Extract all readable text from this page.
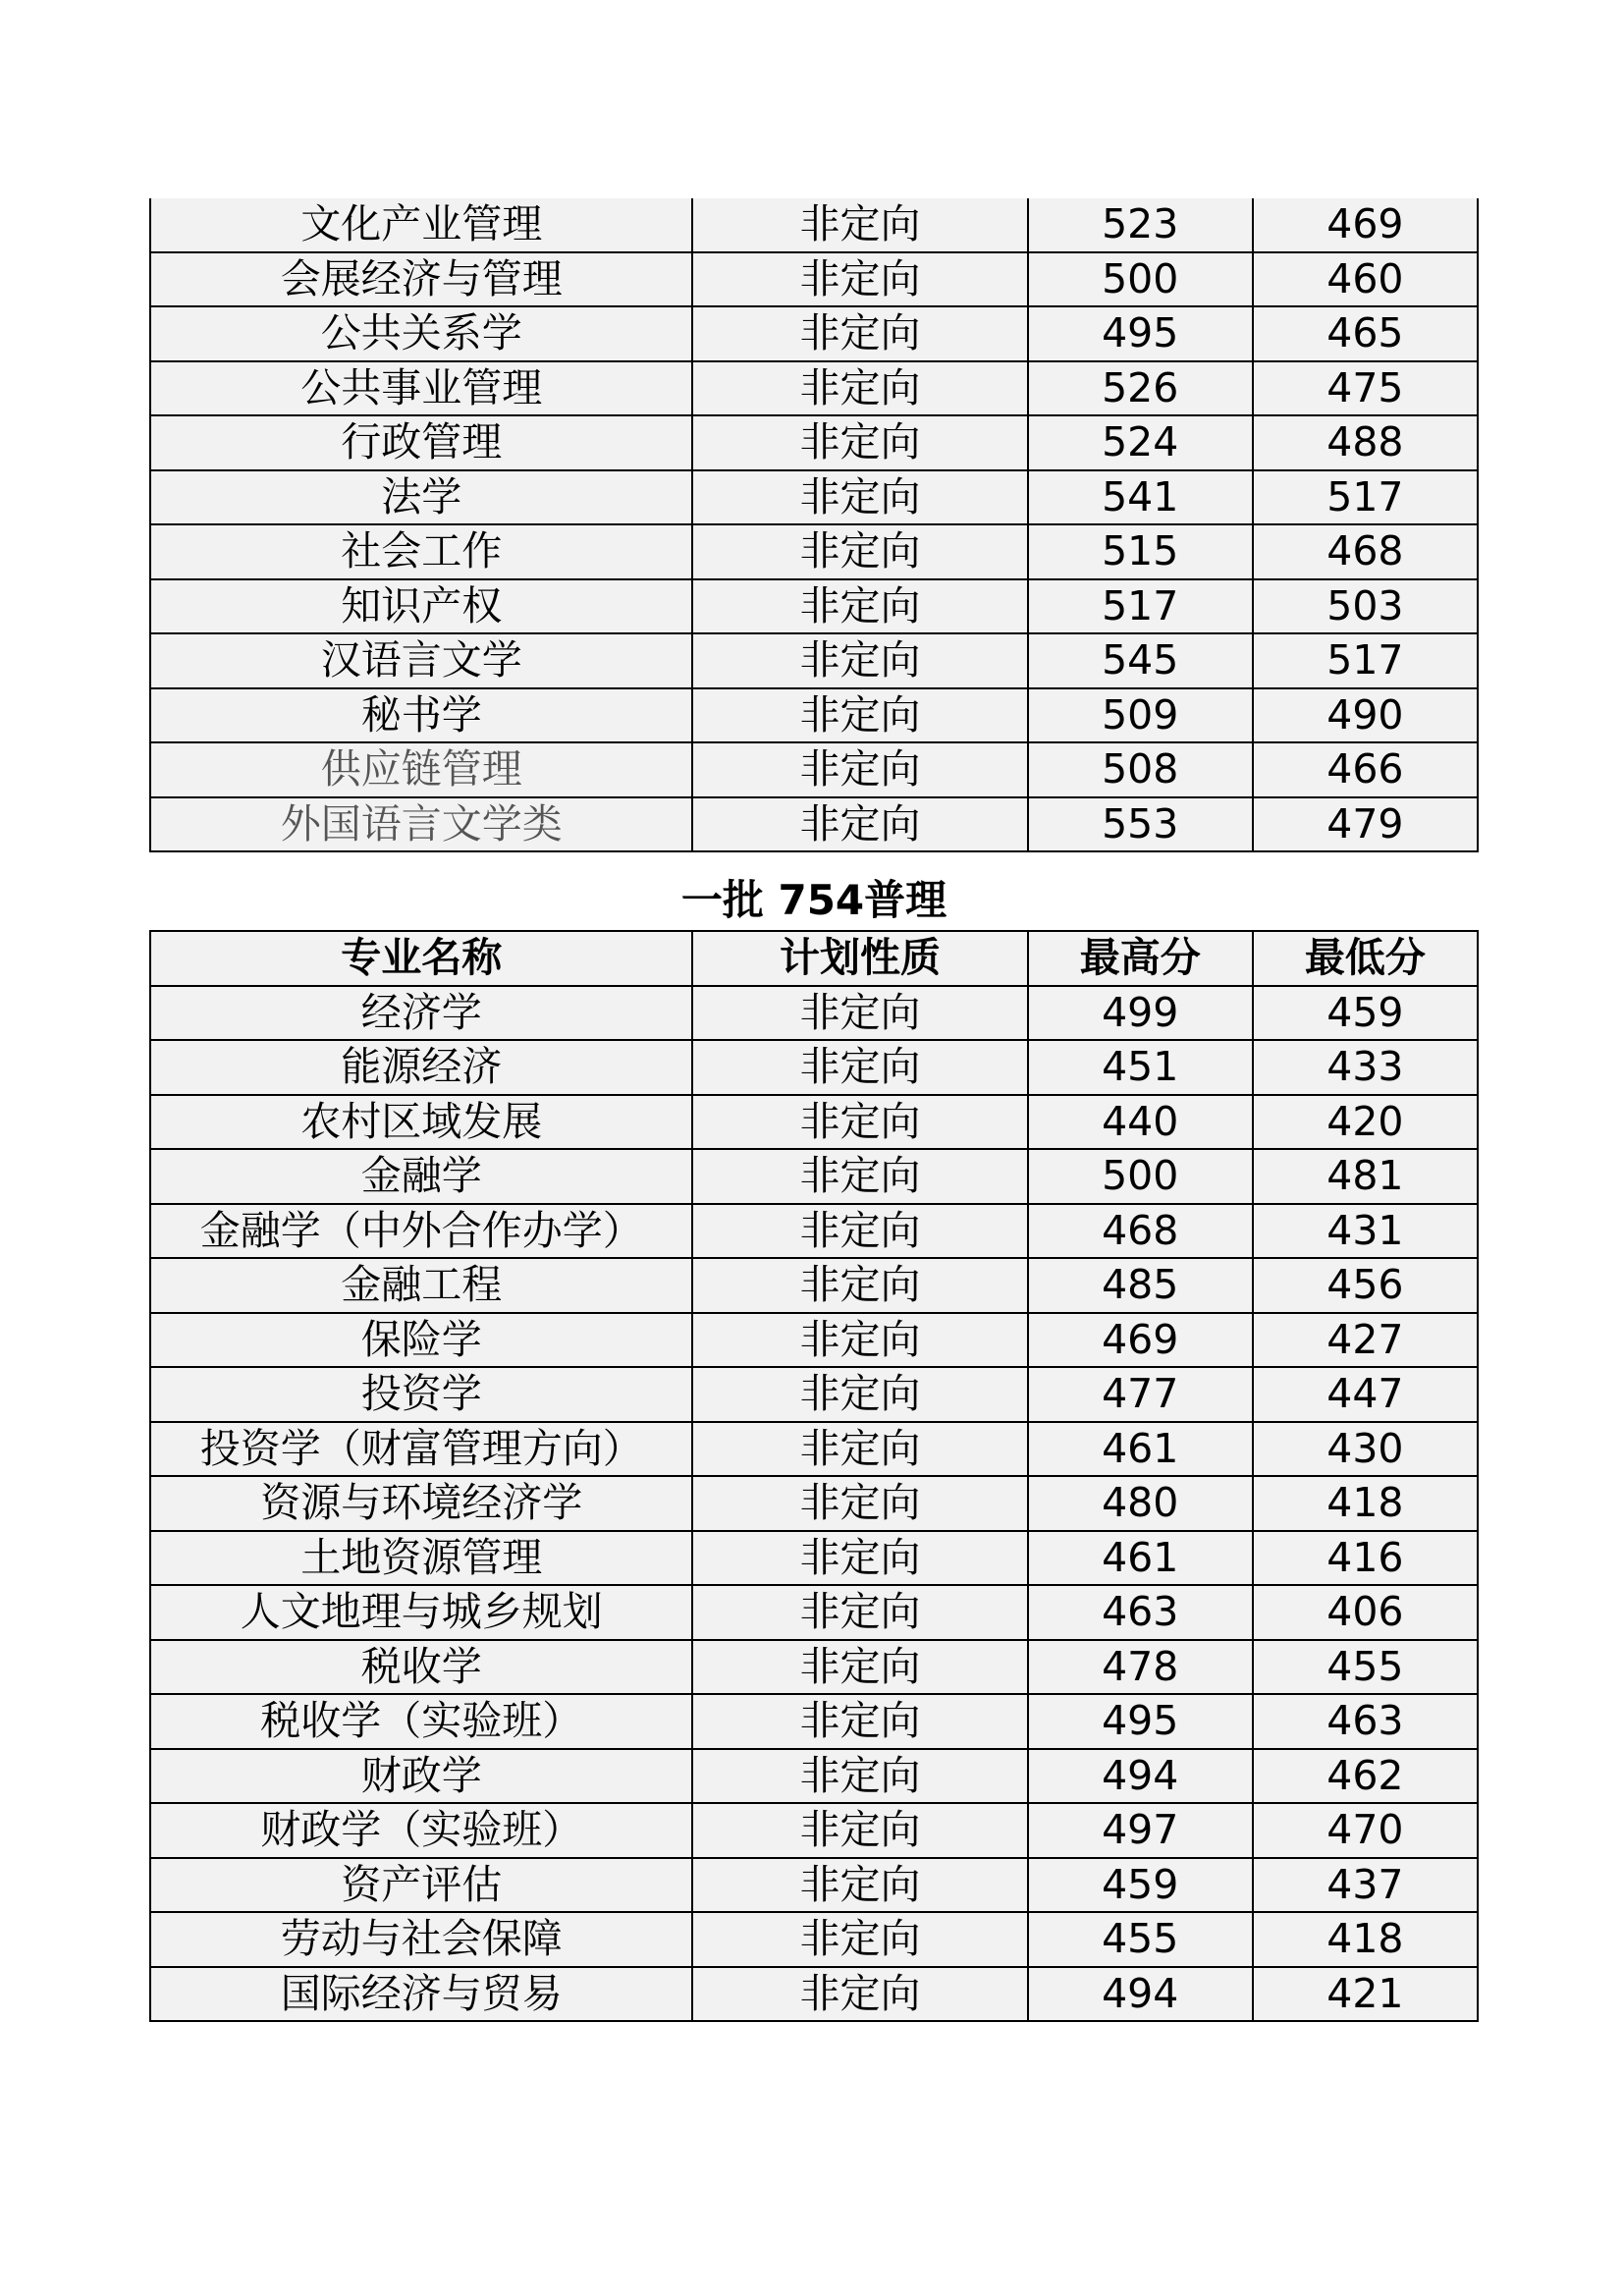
文化产业管理	非定向	523	469
会展经济与管理	非定向	500	460
公共关系学	非定向	495	465
公共事业管理	非定向	526	475
行政管理	非定向	524	488
法学	非定向	541	517
社会工作	非定向	515	468
知识产权	非定向	517	503
汉语言文学	非定向	545	517
秘书学	非定向	509	490
供应链管理	非定向	508	466
外国语言文学类	非定向	553	479
一批 754普理
专业名称	计划性质	最高分	最低分
经济学	非定向	499	459
能源经济	非定向	451	433
农村区域发展	非定向	440	420
金融学	非定向	500	481
金融学（中外合作办学）	非定向	468	431
金融工程	非定向	485	456
保险学	非定向	469	427
投资学	非定向	477	447
投资学（财富管理方向）	非定向	461	430
资源与环境经济学	非定向	480	418
土地资源管理	非定向	461	416
人文地理与城乡规划	非定向	463	406
税收学	非定向	478	455
税收学（实验班）	非定向	495	463
财政学	非定向	494	462
财政学（实验班）	非定向	497	470
资产评估	非定向	459	437
劳动与社会保障	非定向	455	418
国际经济与贸易	非定向	494	421
